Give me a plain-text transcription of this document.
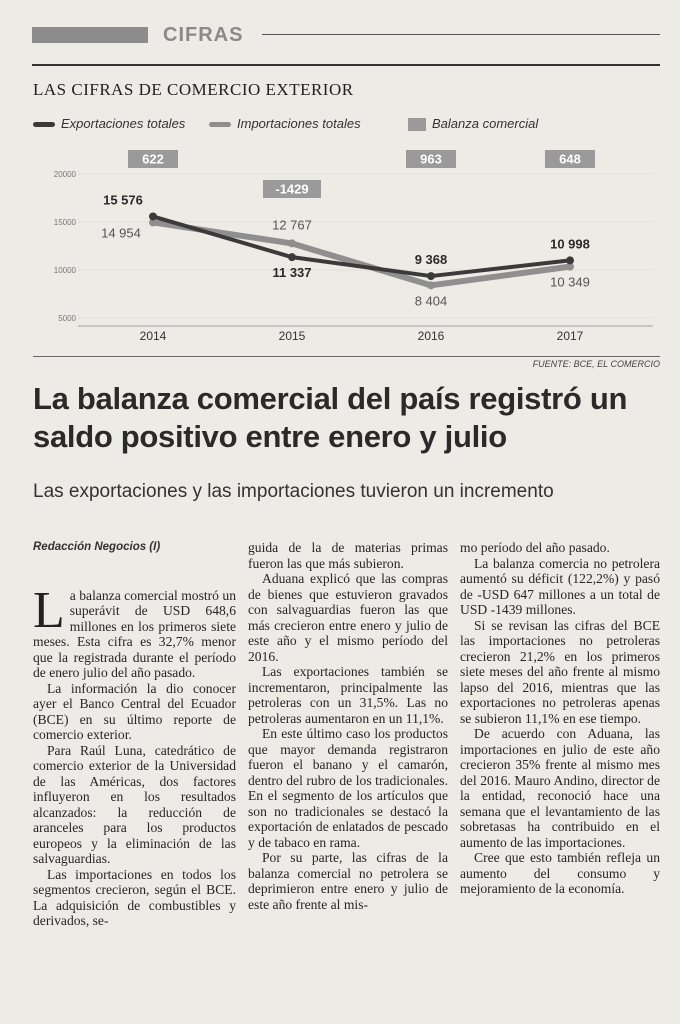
CIFRAS
LAS CIFRAS DE COMERCIO EXTERIOR
Exportaciones totales	Importaciones totales	Balanza comercial
20000
15000
10000
5000
2014	2015	2016	2017
622
-1429
963	648
15 576
11 337
9 368
10 998
14 954
12 767
8 404
10 349
FUENTE: BCE, EL COMERCIO
La balanza comercial del país registró un saldo positivo entre enero y julio
Las exportaciones y las importaciones tuvieron un incremento
Redacción Negocios (I)

La balanza comercial mostró un superávit de USD 648,6 millones en los primeros siete meses. Esta cifra es 32,7% menor que la registrada durante el período de enero julio del año pasado.

La información la dio conocer ayer el Banco Central del Ecuador (BCE) en su último reporte de comercio exterior.

Para Raúl Luna, catedrático de comercio exterior de la Universidad de las Américas, dos factores influyeron en los resultados alcanzados: la reducción de aranceles para los productos europeos y la eliminación de las salvaguardias.

Las importaciones en todos los segmentos crecieron, según el BCE. La adquisición de combustibles y derivados, se-

guida de la de materias primas fueron las que más subieron.

Aduana explicó que las compras de bienes que estuvieron gravados con salvaguardias fueron las que más crecieron entre enero y julio de este año y el mismo período del 2016.

Las exportaciones también se incrementaron, principalmente las petroleras con un 31,5%. Las no petroleras aumentaron en un 11,1%.

En este último caso los productos que mayor demanda registraron fueron el banano y el camarón, dentro del rubro de los tradicionales. En el segmento de los artículos que son no tradicionales se destacó la exportación de enlatados de pescado y de tabaco en rama.

Por su parte, las cifras de la balanza comercial no petrolera se deprimieron entre enero y julio de este año frente al mis-

mo período del año pasado.

La balanza comercia no petrolera aumentó su déficit (122,2%) y pasó de -USD 647 millones a un total de USD -1439 millones.

Si se revisan las cifras del BCE las importaciones no petroleras crecieron 21,2% en los primeros siete meses del año frente al mismo lapso del 2016, mientras que las exportaciones no petroleras apenas se subieron 11,1% en ese tiempo.

De acuerdo con Aduana, las importaciones en julio de este año crecieron 35% frente al mismo mes del 2016. Mauro Andino, director de la entidad, reconoció hace una semana que el levantamiento de las sobretasas ha contribuido en el aumento de las importaciones.

Cree que esto también refleja un aumento del consumo y mejoramiento de la economía.
